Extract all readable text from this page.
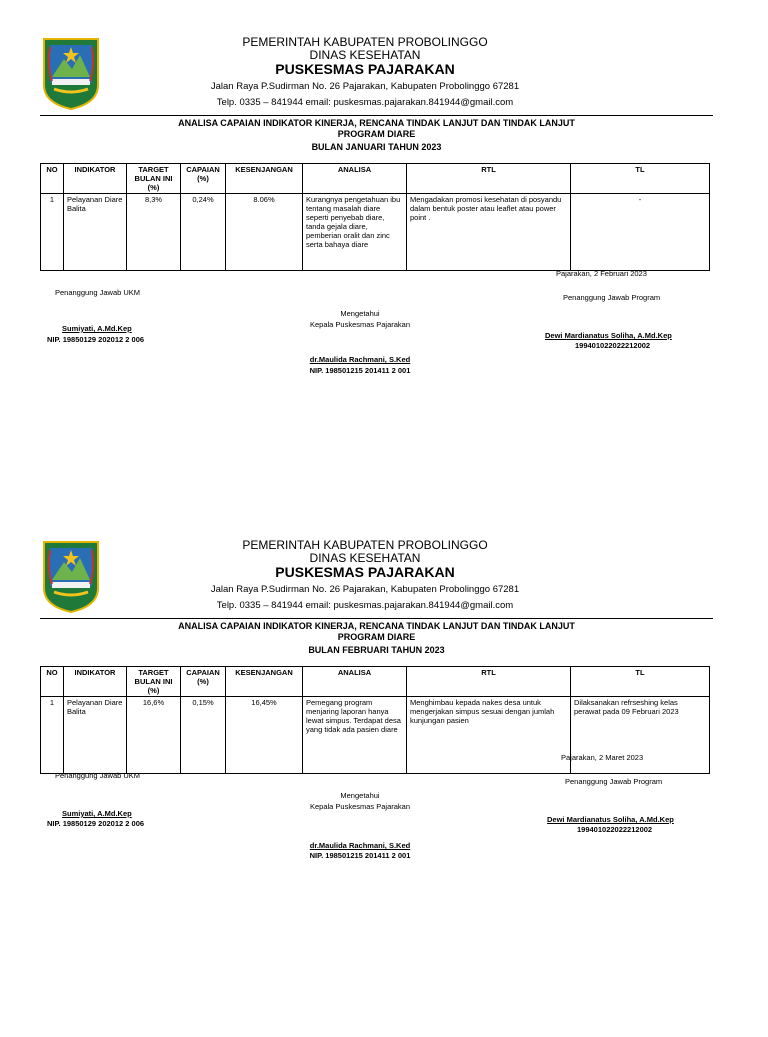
PEMERINTAH KABUPATEN PROBOLINGGO
DINAS KESEHATAN
PUSKESMAS PAJARAKAN
Jalan Raya P.Sudirman No. 26 Pajarakan, Kabupaten Probolinggo 67281
Telp. 0335 – 841944 email: puskesmas.pajarakan.841944@gmail.com
ANALISA CAPAIAN INDIKATOR KINERJA, RENCANA TINDAK LANJUT DAN TINDAK LANJUT
PROGRAM DIARE
BULAN JANUARI TAHUN 2023
NO	INDIKATOR	TARGET BULAN INI (%)	CAPAIAN (%)	KESENJANGAN	ANALISA	RTL	TL
1	Pelayanan Diare Balita	8,3%	0,24%	8.06%	Kurangnya pengetahuan ibu tentang masalah diare seperti penyebab diare, tanda gejala diare, pemberian oralit dan zinc serta bahaya diare	Mengadakan promosi kesehatan di posyandu dalam bentuk poster atau leaflet atau power point .	-
Pajarakan, 2 Februari 2023
Penanggung Jawab UKM
Penanggung Jawab Program
Mengetahui
Kepala Puskesmas Pajarakan
Sumiyati, A.Md.Kep
NIP. 19850129 202012 2 006	Dewi Mardianatus Soliha, A.Md.Kep
199401022022212002
dr.Maulida Rachmani, S.Ked
NIP. 198501215 201411 2 001
PEMERINTAH KABUPATEN PROBOLINGGO
DINAS KESEHATAN
PUSKESMAS PAJARAKAN
Jalan Raya P.Sudirman No. 26 Pajarakan, Kabupaten Probolinggo 67281
Telp. 0335 – 841944 email: puskesmas.pajarakan.841944@gmail.com
ANALISA CAPAIAN INDIKATOR KINERJA, RENCANA TINDAK LANJUT DAN TINDAK LANJUT
PROGRAM DIARE
BULAN FEBRUARI TAHUN 2023
NO	INDIKATOR	TARGET BULAN INI (%)	CAPAIAN (%)	KESENJANGAN	ANALISA	RTL	TL
1	Pelayanan Diare Balita	16,6%	0,15%	16,45%	Pemegang program menjaring laporan hanya lewat simpus. Terdapat desa yang tidak ada pasien diare	Menghimbau kepada nakes desa untuk mengerjakan simpus sesuai dengan jumlah kunjungan pasien	Dilaksanakan refrseshing kelas perawat pada 09 Februari 2023
Pajarakan, 2 Maret 2023
Penanggung Jawab UKM
Penanggung Jawab Program
Mengetahui
Kepala Puskesmas Pajarakan
Sumiyati, A.Md.Kep
NIP. 19850129 202012 2 006	Dewi Mardianatus Soliha, A.Md.Kep
199401022022212002
dr.Maulida Rachmani, S.Ked
NIP. 198501215 201411 2 001
